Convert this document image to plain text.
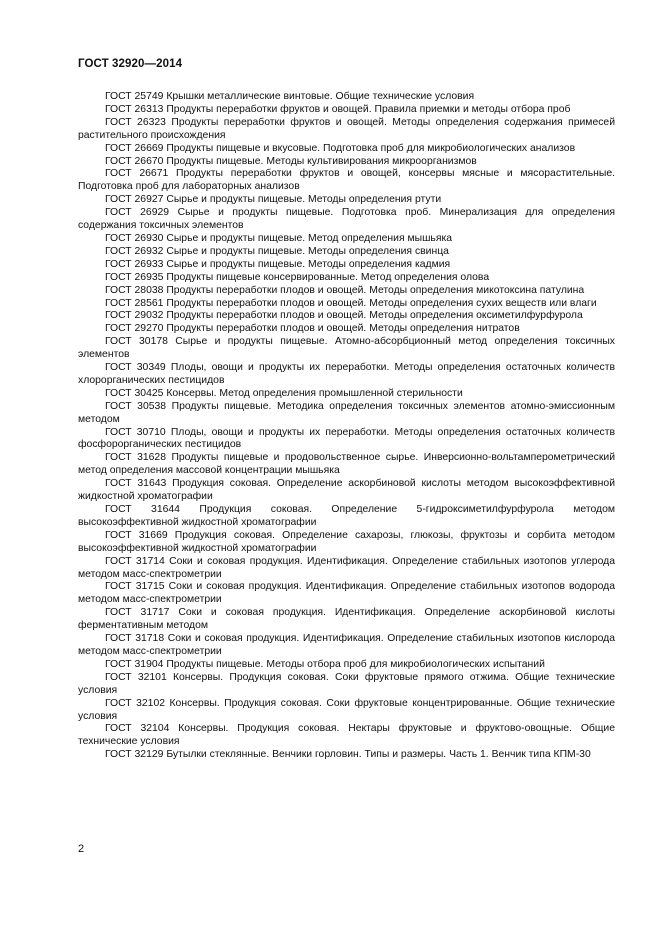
ГОСТ 32920—2014

ГОСТ 25749 Крышки металлические винтовые. Общие технические условия

ГОСТ 26313 Продукты переработки фруктов и овощей. Правила приемки и методы отбора проб

ГОСТ 26323 Продукты переработки фруктов и овощей. Методы определения содержания примесей растительного происхождения

ГОСТ 26669 Продукты пищевые и вкусовые. Подготовка проб для микробиологических анализов

ГОСТ 26670 Продукты пищевые. Методы культивирования микроорганизмов

ГОСТ 26671 Продукты переработки фруктов и овощей, консервы мясные и мясорастительные. Подготовка проб для лабораторных анализов

ГОСТ 26927 Сырье и продукты пищевые. Методы определения ртути

ГОСТ 26929 Сырье и продукты пищевые. Подготовка проб. Минерализация для определения содержания токсичных элементов

ГОСТ 26930 Сырье и продукты пищевые. Метод определения мышьяка

ГОСТ 26932 Сырье и продукты пищевые. Методы определения свинца

ГОСТ 26933 Сырье и продукты пищевые. Методы определения кадмия

ГОСТ 26935 Продукты пищевые консервированные. Метод определения олова

ГОСТ 28038 Продукты переработки плодов и овощей. Методы определения микотоксина патулина

ГОСТ 28561 Продукты переработки плодов и овощей. Методы определения сухих веществ или влаги

ГОСТ 29032 Продукты переработки плодов и овощей. Методы определения оксиметилфурфурола

ГОСТ 29270 Продукты переработки плодов и овощей. Методы определения нитратов

ГОСТ 30178 Сырье и продукты пищевые. Атомно-абсорбционный метод определения токсичных элементов

ГОСТ 30349 Плоды, овощи и продукты их переработки. Методы определения остаточных количеств хлорорганических пестицидов

ГОСТ 30425 Консервы. Метод определения промышленной стерильности

ГОСТ 30538 Продукты пищевые. Методика определения токсичных элементов атомно-эмиссионным методом

ГОСТ 30710 Плоды, овощи и продукты их переработки. Методы определения остаточных количеств фосфорорганических пестицидов

ГОСТ 31628 Продукты пищевые и продовольственное сырье. Инверсионно-вольтамперометрический метод определения массовой концентрации мышьяка

ГОСТ 31643 Продукция соковая. Определение аскорбиновой кислоты методом высокоэффективной жидкостной хроматографии

ГОСТ 31644 Продукция соковая. Определение 5-гидроксиметилфурфурола методом высокоэффективной жидкостной хроматографии

ГОСТ 31669 Продукция соковая. Определение сахарозы, глюкозы, фруктозы и сорбита методом высокоэффективной жидкостной хроматографии

ГОСТ 31714 Соки и соковая продукция. Идентификация. Определение стабильных изотопов углерода методом масс-спектрометрии

ГОСТ 31715 Соки и соковая продукция. Идентификация. Определение стабильных изотопов водорода методом масс-спектрометрии

ГОСТ 31717 Соки и соковая продукция. Идентификация. Определение аскорбиновой кислоты ферментативным методом

ГОСТ 31718 Соки и соковая продукция. Идентификация. Определение стабильных изотопов кислорода методом масс-спектрометрии

ГОСТ 31904 Продукты пищевые. Методы отбора проб для микробиологических испытаний

ГОСТ 32101 Консервы. Продукция соковая. Соки фруктовые прямого отжима. Общие технические условия

ГОСТ 32102 Консервы. Продукция соковая. Соки фруктовые концентрированные. Общие технические условия

ГОСТ 32104 Консервы. Продукция соковая. Нектары фруктовые и фруктово-овощные. Общие технические условия

ГОСТ 32129 Бутылки стеклянные. Венчики горловин. Типы и размеры. Часть 1. Венчик типа КПМ-30

2
